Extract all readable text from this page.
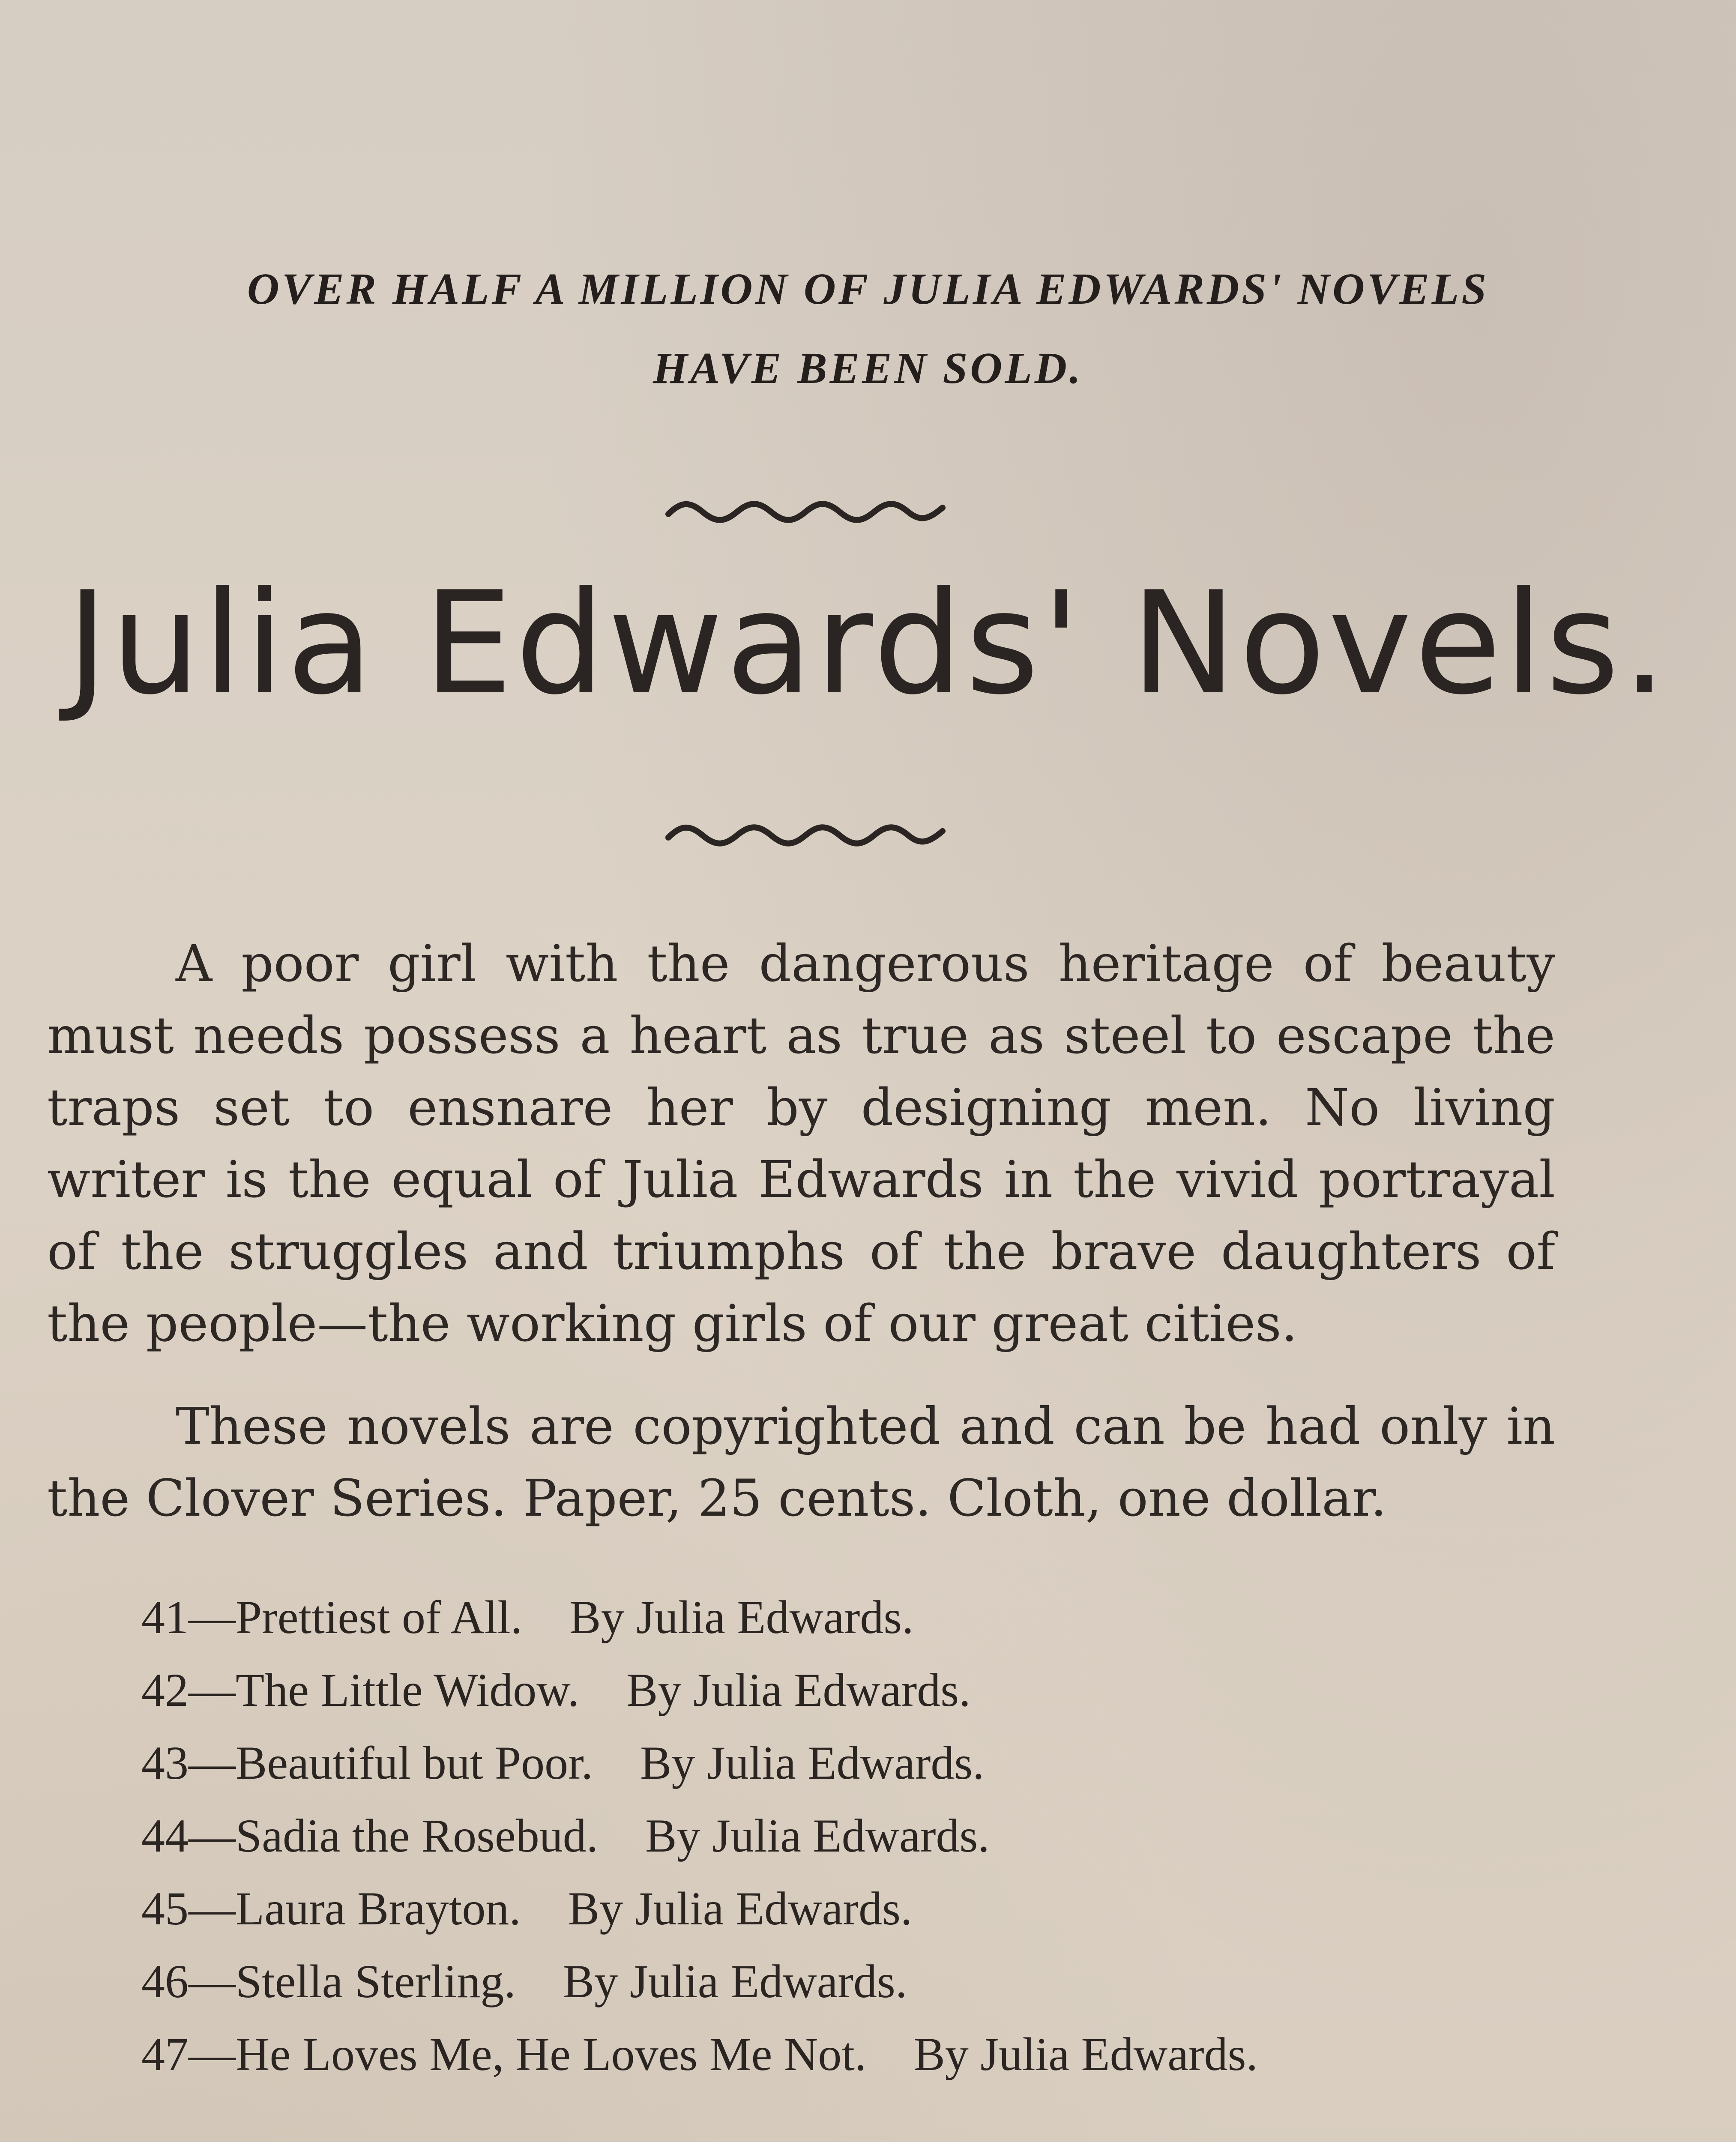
OVER HALF A MILLION OF JULIA EDWARDS' NOVELS
HAVE BEEN SOLD.
Julia Edwards' Novels.

A poor girl with the dangerous heritage of beauty must needs possess a heart as true as steel to escape the traps set to ensnare her by designing men. No living writer is the equal of Julia Edwards in the vivid portrayal of the struggles and triumphs of the brave daughters of the people—the working girls of our great cities.

These novels are copyrighted and can be had only in the Clover Series. Paper, 25 cents. Cloth, one dollar.

41—Prettiest of All. By Julia Edwards.
42—The Little Widow. By Julia Edwards.
43—Beautiful but Poor. By Julia Edwards.
44—Sadia the Rosebud. By Julia Edwards.
45—Laura Brayton. By Julia Edwards.
46—Stella Sterling. By Julia Edwards.
47—He Loves Me, He Loves Me Not. By Julia Edwards.
